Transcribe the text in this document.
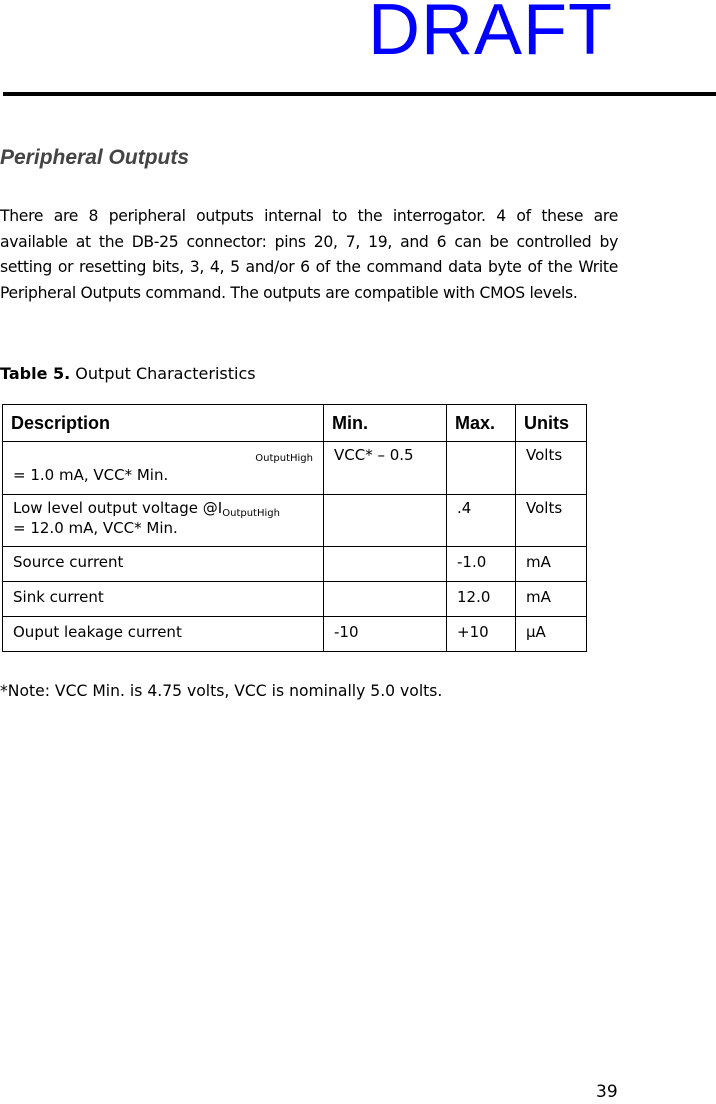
DRAFT
Peripheral Outputs
There are 8 peripheral outputs internal to the interrogator. 4 of these are available at the DB-25 connector: pins 20, 7, 19, and 6 can be controlled by setting or resetting bits, 3, 4, 5 and/or 6 of the command data byte of the Write Peripheral Outputs command. The outputs are compatible with CMOS levels.
Table 5. Output Characteristics
Description	Min.	Max.	Units

OutputHigh
= 1.0 mA, VCC* Min.	VCC* – 0.5		Volts
Low level output voltage $@I_{OutputHigh}$
= 12.0 mA, VCC* Min.		.4	Volts
Source current		-1.0	mA
Sink current		12.0	mA
Ouput leakage current	-10	+10	µA
*Note: VCC Min. is 4.75 volts, VCC is nominally 5.0 volts.
39
